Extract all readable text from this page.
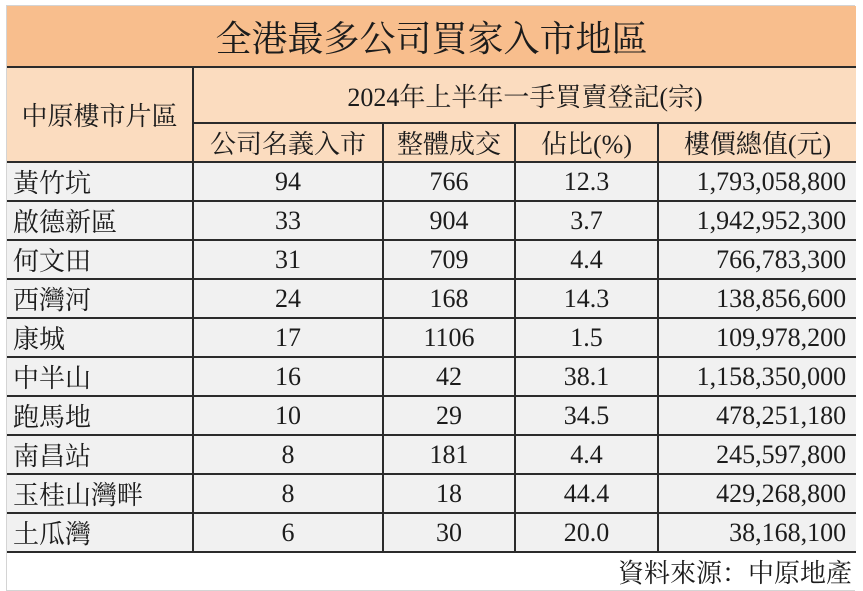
全港最多公司買家入市地區				
中原樓市片區	2024年上半年一手買賣登記(宗)			
	公司名義入市	整體成交	佔比(%)	樓價總值(元)
黃竹坑	94	766	12.3	1,793,058,800
啟德新區	33	904	3.7	1,942,952,300
何文田	31	709	4.4	766,783,300
西灣河	24	168	14.3	138,856,600
康城	17	1106	1.5	109,978,200
中半山	16	42	38.1	1,158,350,000
跑馬地	10	29	34.5	478,251,180
南昌站	8	181	4.4	245,597,800
玉桂山灣畔	8	18	44.4	429,268,800
土瓜灣	6	30	20.0	38,168,100
資料來源：中原地產				
